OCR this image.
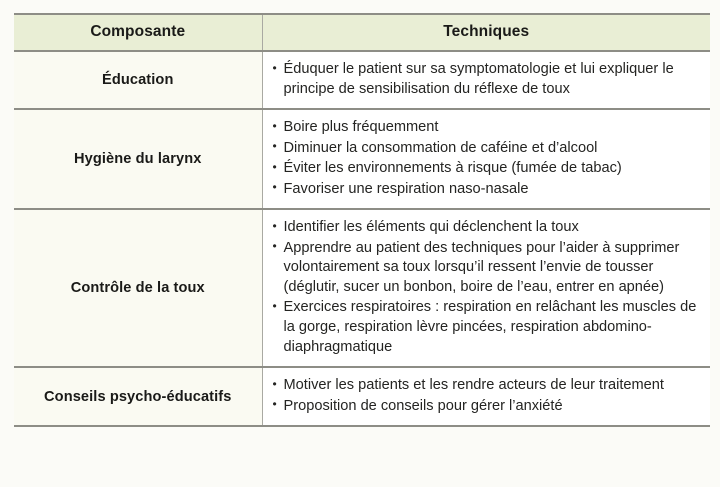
Composante	Techniques
Éducation	
• Éduquer le patient sur sa symptomatologie et lui expliquer le principe de sensibilisation du réflexe de toux

Hygiène du larynx	
• Boire plus fréquemment
• Diminuer la consommation de caféine et d’alcool
• Éviter les environnements à risque (fumée de tabac)
• Favoriser une respiration naso-nasale

Contrôle de la toux	
• Identifier les éléments qui déclenchent la toux
• Apprendre au patient des techniques pour l’aider à supprimer volontairement sa toux lorsqu’il ressent l’envie de tousser (déglutir, sucer un bonbon, boire de l’eau, entrer en apnée)
• Exercices respiratoires : respiration en relâchant les muscles de la gorge, respiration lèvre pincées, respiration abdomino-diaphragmatique

Conseils psycho-éducatifs	
• Motiver les patients et les rendre acteurs de leur traitement
• Proposition de conseils pour gérer l’anxiété
